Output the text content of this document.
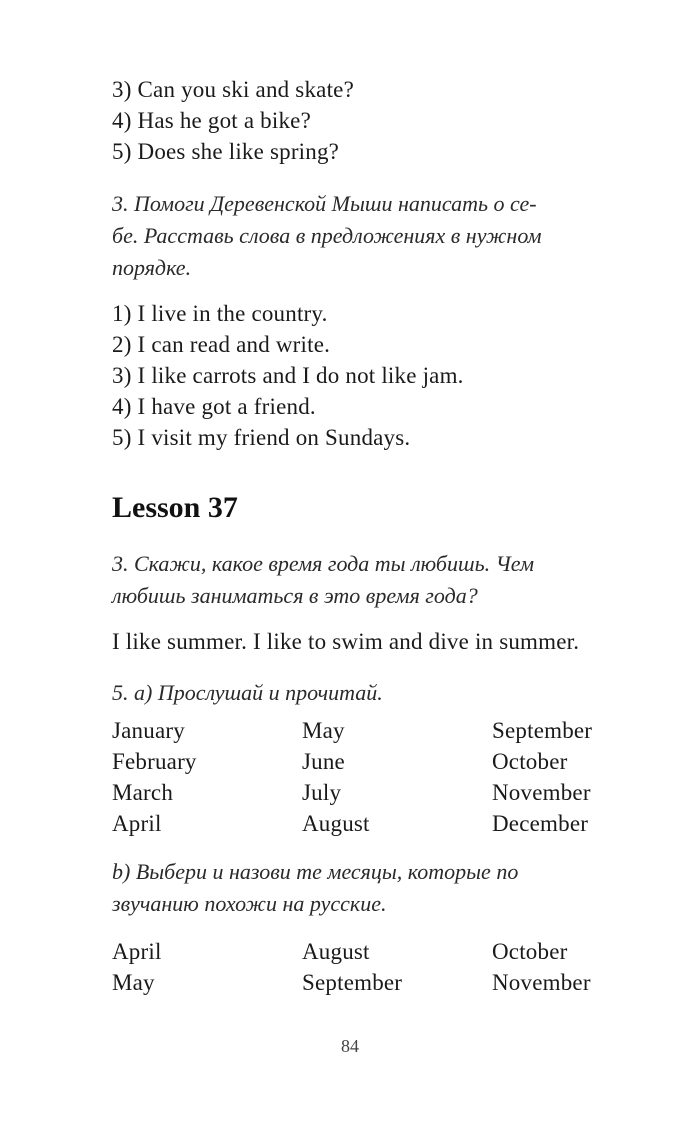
3) Can you ski and skate?
4) Has he got a bike?
5) Does she like spring?
3. Помоги Деревенской Мыши написать о се-
бе. Расставь слова в предложениях в нужном
порядке.
1) I live in the country.
2) I can read and write.
3) I like carrots and I do not like jam.
4) I have got a friend.
5) I visit my friend on Sundays.
Lesson 37
3. Скажи, какое время года ты любишь. Чем
любишь заниматься в это время года?
I like summer. I like to swim and dive in summer.
5. a) Прослушай и прочитай.
January
February
March
April
May
June
July
August
September
October
November
December
b) Выбери и назови те месяцы, которые по
звучанию похожи на русские.
April
May
August
September
October
November
84
